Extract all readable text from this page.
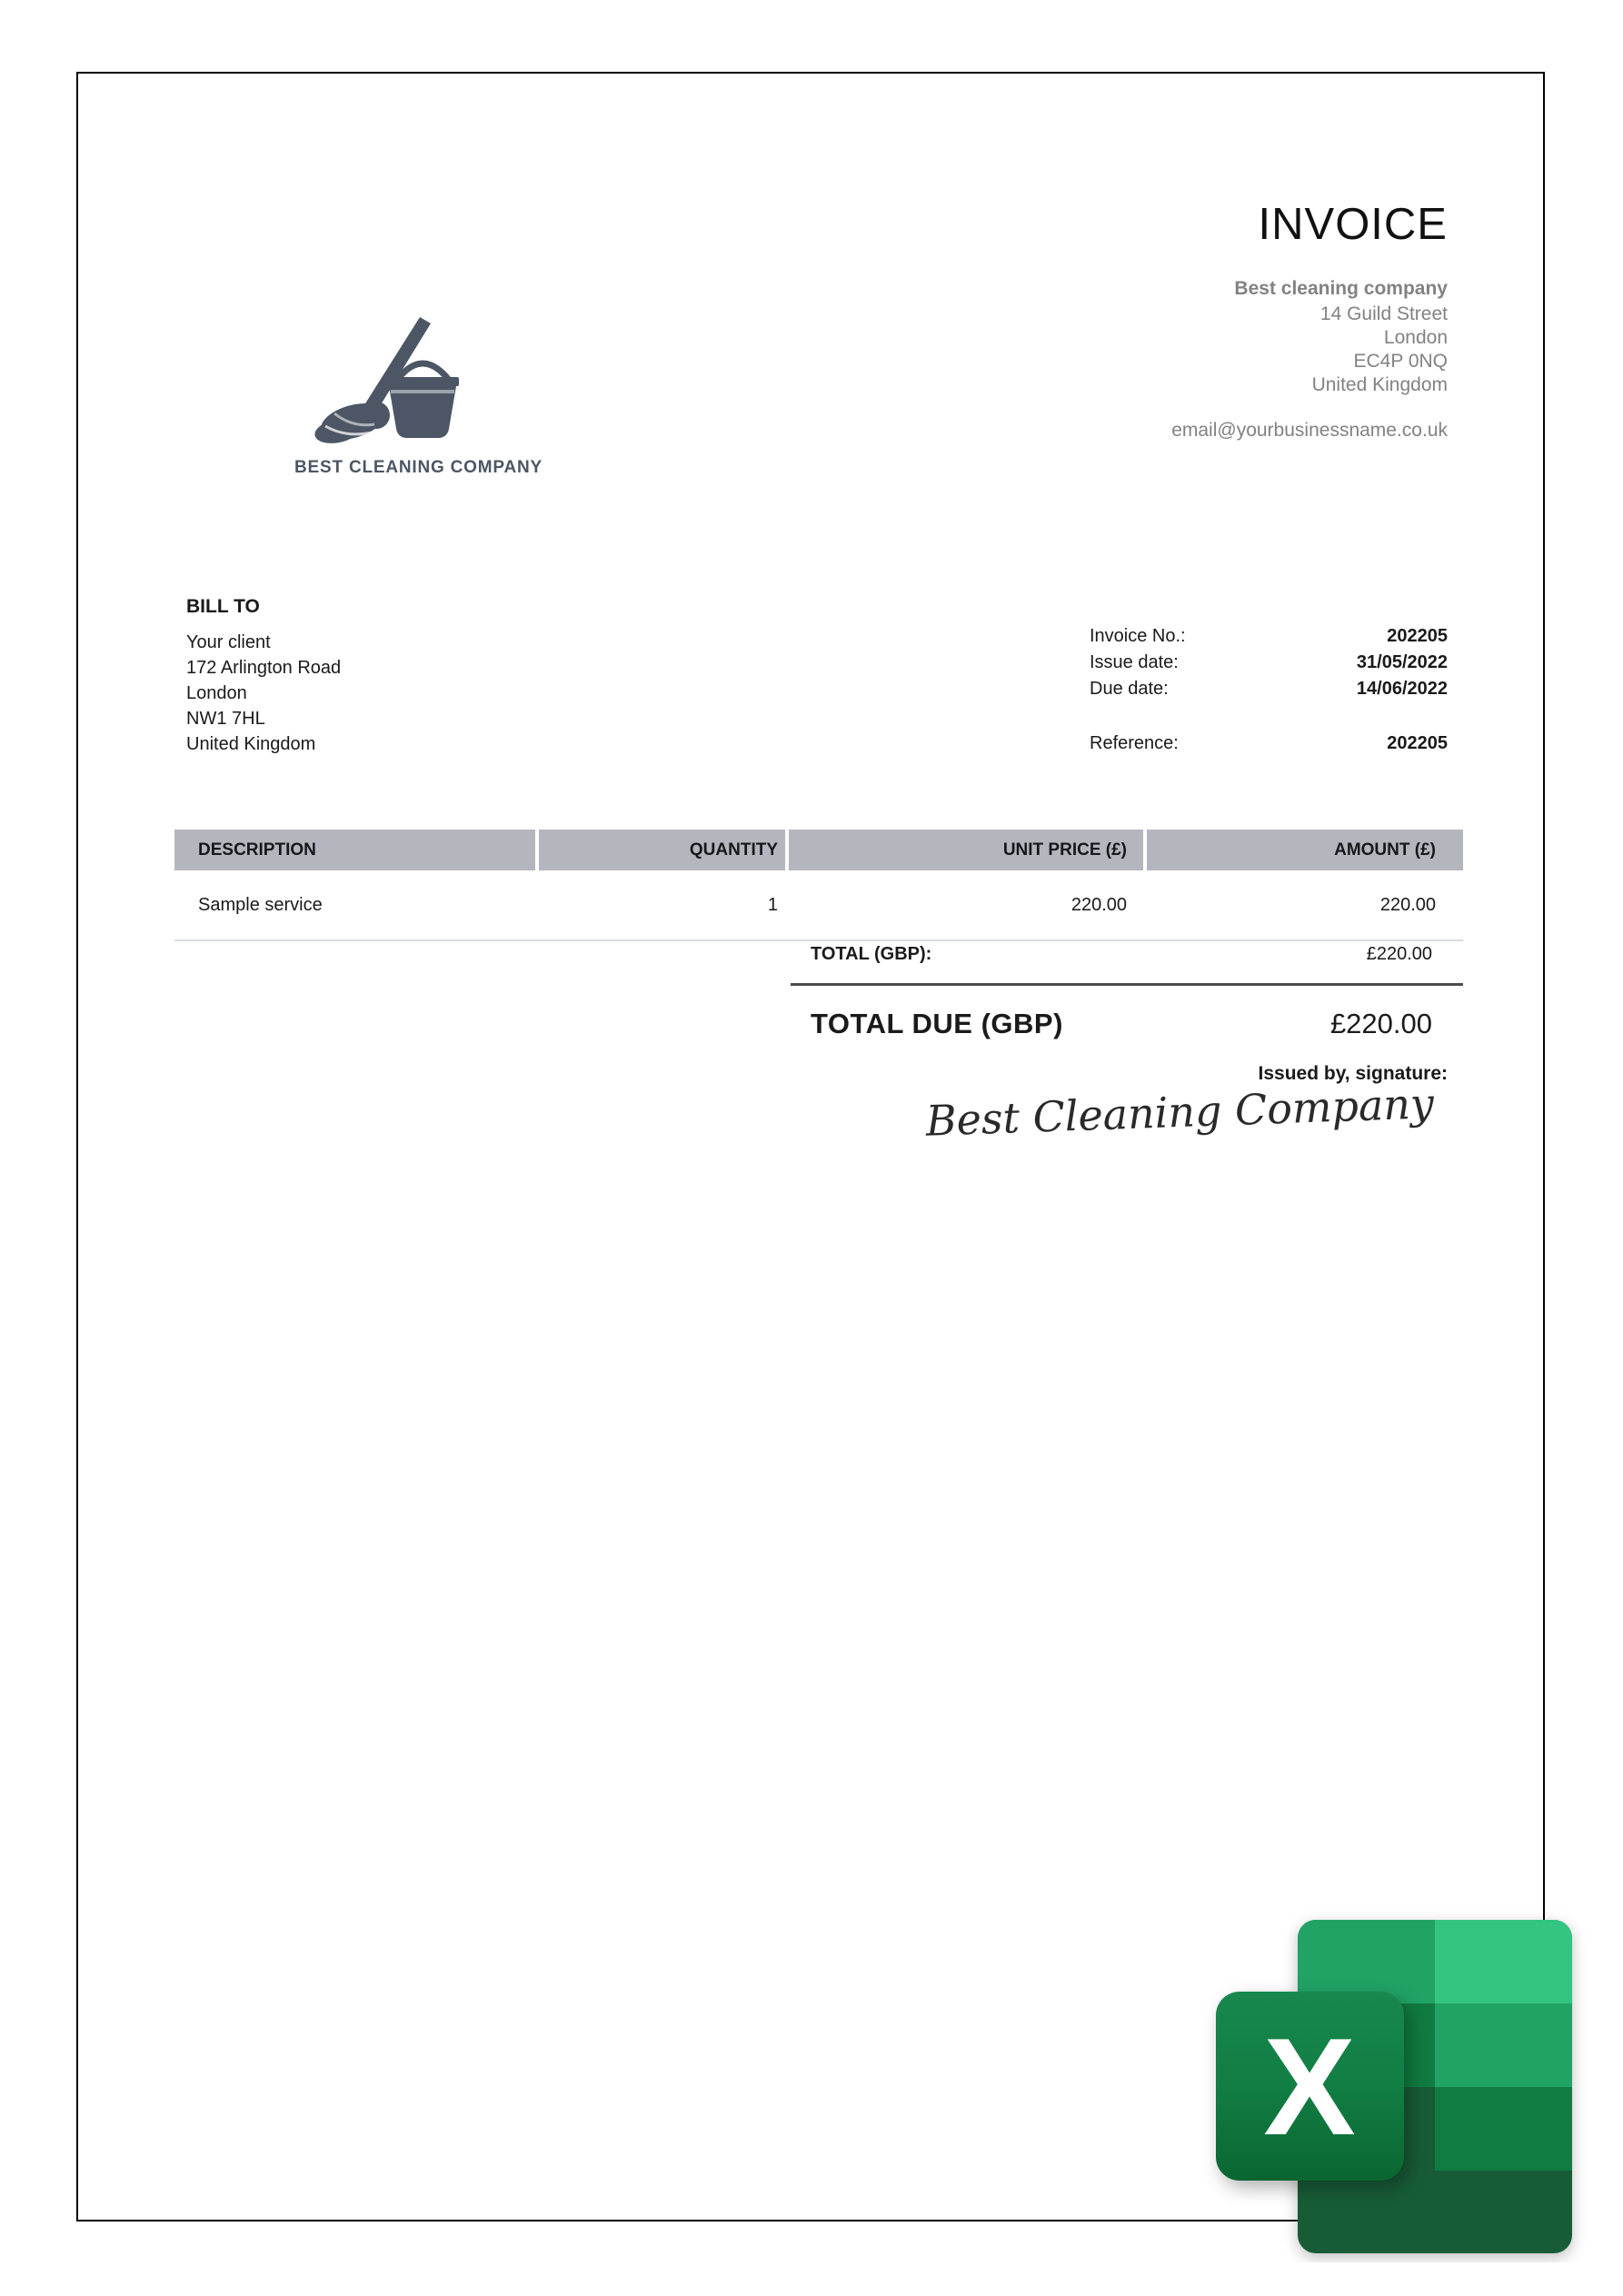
INVOICE
Best cleaning company
14 Guild Street
London
EC4P 0NQ
United Kingdom
email@yourbusinessname.co.uk
BEST CLEANING COMPANY
BILL TO
Your client
172 Arlington Road
London
NW1 7HL
United Kingdom
Invoice No.:	202205
Issue date:	31/05/2022
Due date:	14/06/2022
Reference:	202205
DESCRIPTION	QUANTITY	UNIT PRICE (£)	AMOUNT (£)
Sample service	1	220.00	220.00
TOTAL (GBP):	£220.00
TOTAL DUE (GBP)	£220.00
Issued by, signature:
Best Cleaning Company
X
